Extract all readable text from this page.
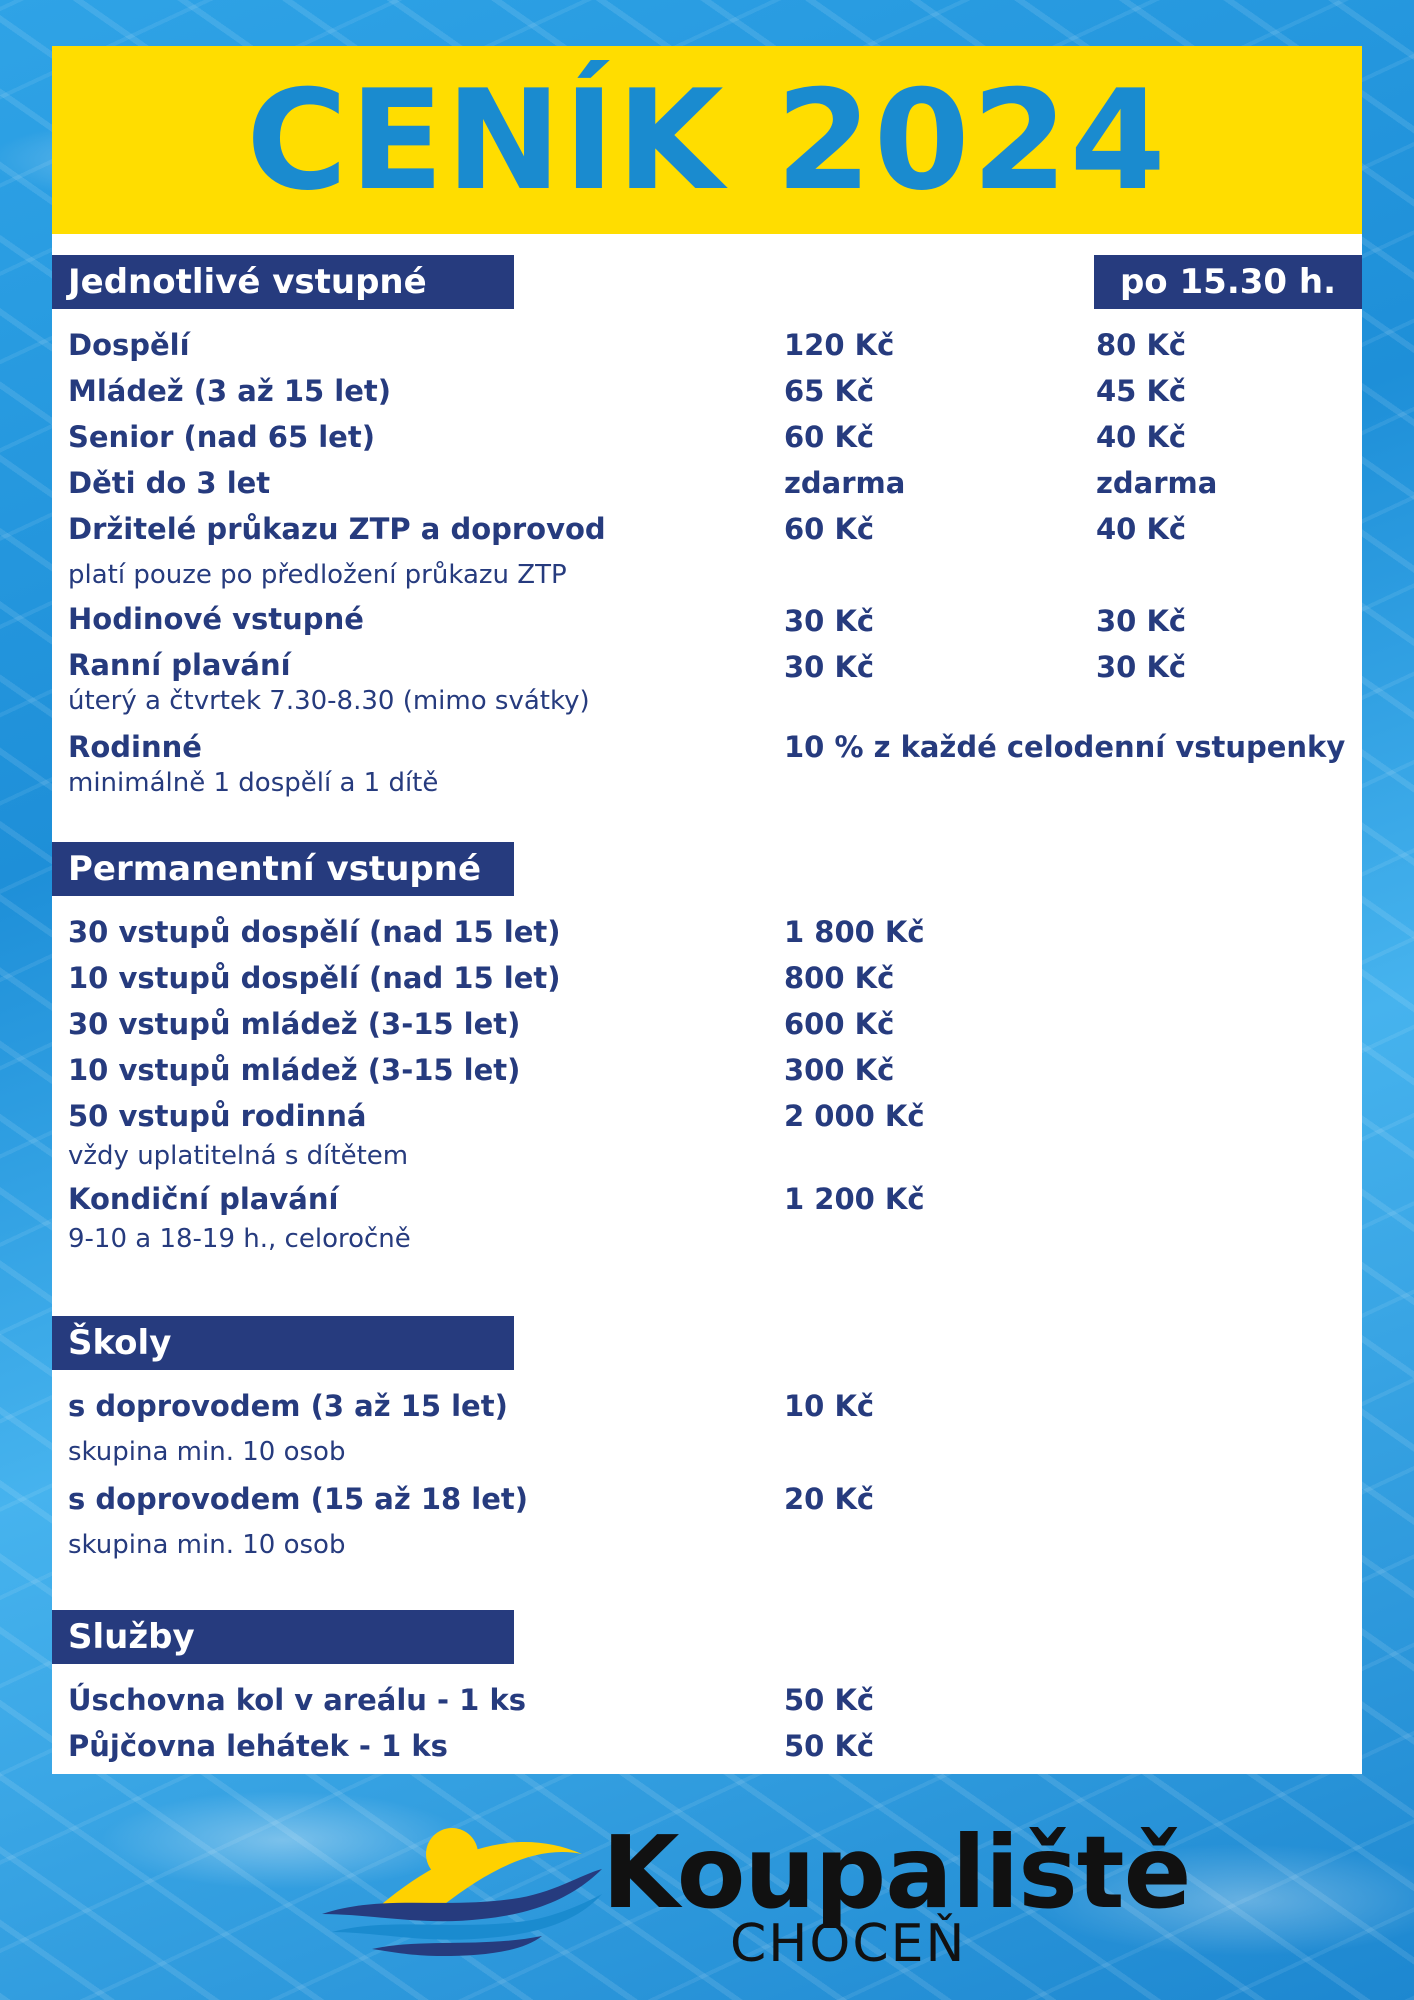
CENÍK 2024
Jednotlivé vstupné	po 15.30 h.
Dospělí	120 Kč	80 Kč
Mládež (3 až 15 let)	65 Kč	45 Kč
Senior (nad 65 let)	60 Kč	40 Kč
Děti do 3 let	zdarma	zdarma
Držitelé průkazu ZTP a doprovod	60 Kč	40 Kč
platí pouze po předložení průkazu ZTP
Hodinové vstupné	30 Kč	30 Kč
Ranní plavání	30 Kč	30 Kč
úterý a čtvrtek 7.30-8.30 (mimo svátky)
Rodinné	10 % z každé celodenní vstupenky
minimálně 1 dospělí a 1 dítě
Permanentní vstupné
30 vstupů dospělí (nad 15 let)	1 800 Kč
10 vstupů dospělí (nad 15 let)	800 Kč
30 vstupů mládež (3-15 let)	600 Kč
10 vstupů mládež (3-15 let)	300 Kč
50 vstupů rodinná	2 000 Kč
vždy uplatitelná s dítětem
Kondiční plavání	1 200 Kč
9-10 a 18-19 h., celoročně
Školy
s doprovodem (3 až 15 let)	10 Kč
skupina min. 10 osob
s doprovodem (15 až 18 let)	20 Kč
skupina min. 10 osob
Služby
Úschovna kol v areálu - 1 ks	50 Kč
Půjčovna lehátek - 1 ks	50 Kč
Koupaliště
CHOCEŇ
